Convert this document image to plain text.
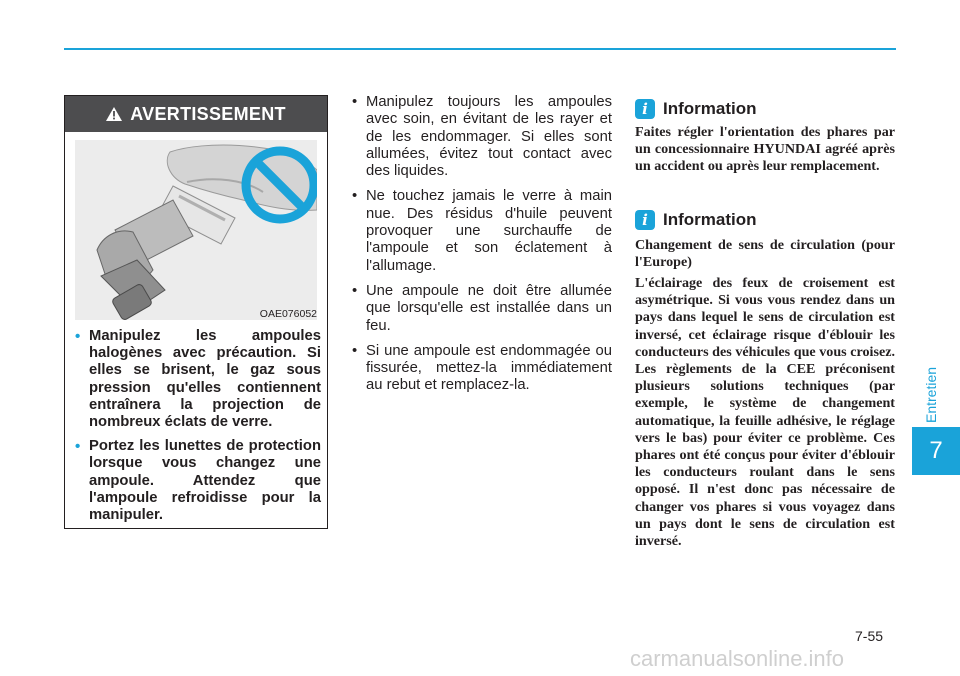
AVERTISSEMENT
OAE076052
• Manipulez les ampoules halogènes avec précaution. Si elles se brisent, le gaz sous pression qu'elles contiennent entraînera la projection de nombreux éclats de verre.
• Portez les lunettes de protection lorsque vous changez une ampoule. Attendez que l'ampoule refroidisse pour la manipuler.
• Manipulez toujours les ampoules avec soin, en évitant de les rayer et de les endommager. Si elles sont allumées, évitez tout contact avec des liquides.
• Ne touchez jamais le verre à main nue. Des résidus d'huile peuvent provoquer une surchauffe de l'ampoule et son éclatement à l'allumage.
• Une ampoule ne doit être allumée que lorsqu'elle est installée dans un feu.
• Si une ampoule est endommagée ou fissurée, mettez-la immédiatement au rebut et remplacez-la.
i Information

Faites régler l'orientation des phares par un concessionnaire HYUNDAI agréé après un accident ou après leur remplacement.

i Information

Changement de sens de circulation (pour l'Europe)

L'éclairage des feux de croisement est asymétrique. Si vous vous rendez dans un pays dans lequel le sens de circulation est inversé, cet éclairage risque d'éblouir les conducteurs des véhicules que vous croisez. Les règlements de la CEE préconisent plusieurs solutions techniques (par exemple, le système de changement automatique, la feuille adhésive, le réglage vers le bas) pour éviter ce problème. Ces phares ont été conçus pour éviter d'éblouir les conducteurs roulant dans le sens opposé. Il n'est donc pas nécessaire de changer vos phares si vous voyagez dans un pays dont le sens de circulation est inversé.

Entretien
7
7-55
carmanualsonline.info
